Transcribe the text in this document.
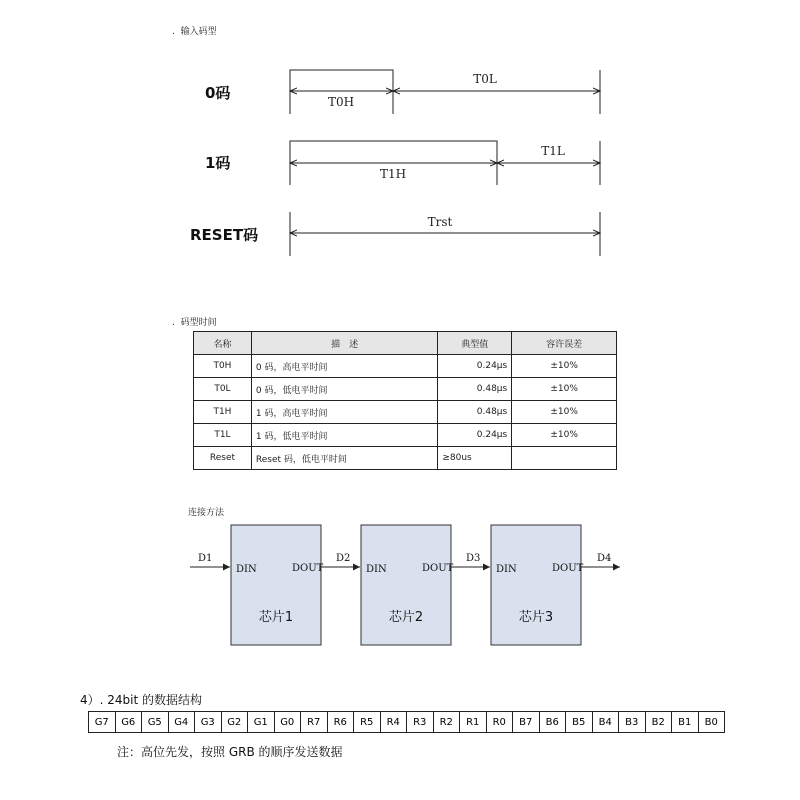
.  输入码型
0码
1码
RESET码
T0H
T0L
T1H
T1L
Trst
.  码型时间
名称	描　述	典型值	容许误差
T0H	0 码，高电平时间	0.24μs	±10%
T0L	0 码，低电平时间	0.48μs	±10%
T1H	1 码，高电平时间	0.48μs	±10%
T1L	1 码，低电平时间	0.24μs	±10%
Reset	Reset 码，低电平时间	≥80us	
连接方法
D1	D2	D3	D4
DIN	DOUT	DIN	DOUT	DIN	DOUT
芯片1	芯片2	芯片3
4）. 24bit 的数据结构
G7	G6	G5	G4	G3	G2	G1	G0	R7	R6	R5	R4	R3	R2	R1	R0	B7	B6	B5	B4	B3	B2	B1	B0
注：高位先发，按照 GRB 的顺序发送数据
